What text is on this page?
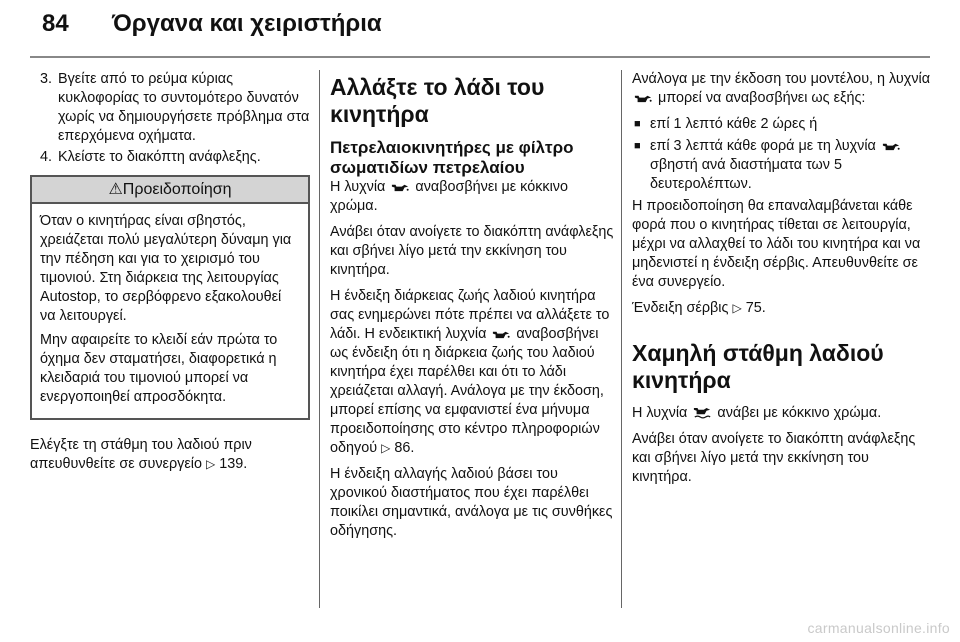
84 Όργανα και χειριστήρια
3. Βγείτε από το ρεύμα κύριας κυκλοφορίας το συντομότερο δυνατόν χωρίς να δημιουργήσετε πρόβλημα στα επερχόμενα οχήματα.
4. Κλείστε το διακόπτη ανάφλεξης.
⚠Προειδοποίηση

Όταν ο κινητήρας είναι σβηστός, χρειάζεται πολύ μεγαλύτερη δύναμη για την πέδηση και για το χειρισμό του τιμονιού. Στη διάρκεια της λειτουργίας Autostop, το σερβόφρενο εξακολουθεί να λειτουργεί.

Μην αφαιρείτε το κλειδί εάν πρώτα το όχημα δεν σταματήσει, διαφορετικά η κλειδαριά του τιμονιού μπορεί να ενεργοποιηθεί απροσδόκητα.

Ελέγξτε τη στάθμη του λαδιού πριν απευθυνθείτε σε συνεργείο ▷ 139.

Αλλάξτε το λάδι του κινητήρα
Πετρελαιοκινητήρες με φίλτρο σωματιδίων πετρελαίου

Η λυχνία αναβοσβήνει με κόκκινο χρώμα.

Ανάβει όταν ανοίγετε το διακόπτη ανάφλεξης και σβήνει λίγο μετά την εκκίνηση του κινητήρα.

Η ένδειξη διάρκειας ζωής λαδιού κινητήρα σας ενημερώνει πότε πρέπει να αλλάξετε το λάδι. Η ενδεικτική λυχνία αναβοσβήνει ως ένδειξη ότι η διάρκεια ζωής του λαδιού κινητήρα έχει παρέλθει και ότι το λάδι χρειάζεται αλλαγή. Ανάλογα με την έκδοση, μπορεί επίσης να εμφανιστεί ένα μήνυμα προειδοποίησης στο κέντρο πληροφοριών οδηγού ▷ 86.

Η ένδειξη αλλαγής λαδιού βάσει του χρονικού διαστήματος που έχει παρέλθει ποικίλει σημαντικά, ανάλογα με τις συνθήκες οδήγησης.

Ανάλογα με την έκδοση του μοντέλου, η λυχνία  μπορεί να αναβοσβήνει ως εξής:

■ επί 1 λεπτό κάθε 2 ώρες ή
■ επί 3 λεπτά κάθε φορά με τη λυχνία  σβηστή ανά διαστήματα των 5 δευτερολέπτων.

Η προειδοποίηση θα επαναλαμβάνεται κάθε φορά που ο κινητήρας τίθεται σε λειτουργία, μέχρι να αλλαχθεί το λάδι του κινητήρα και να μηδενιστεί η ένδειξη σέρβις. Απευθυνθείτε σε ένα συνεργείο.

Ένδειξη σέρβις ▷ 75.

Χαμηλή στάθμη λαδιού κινητήρα

Η λυχνία ανάβει με κόκκινο χρώμα.

Ανάβει όταν ανοίγετε το διακόπτη ανάφλεξης και σβήνει λίγο μετά την εκκίνηση του κινητήρα.

carmanualsonline.info
